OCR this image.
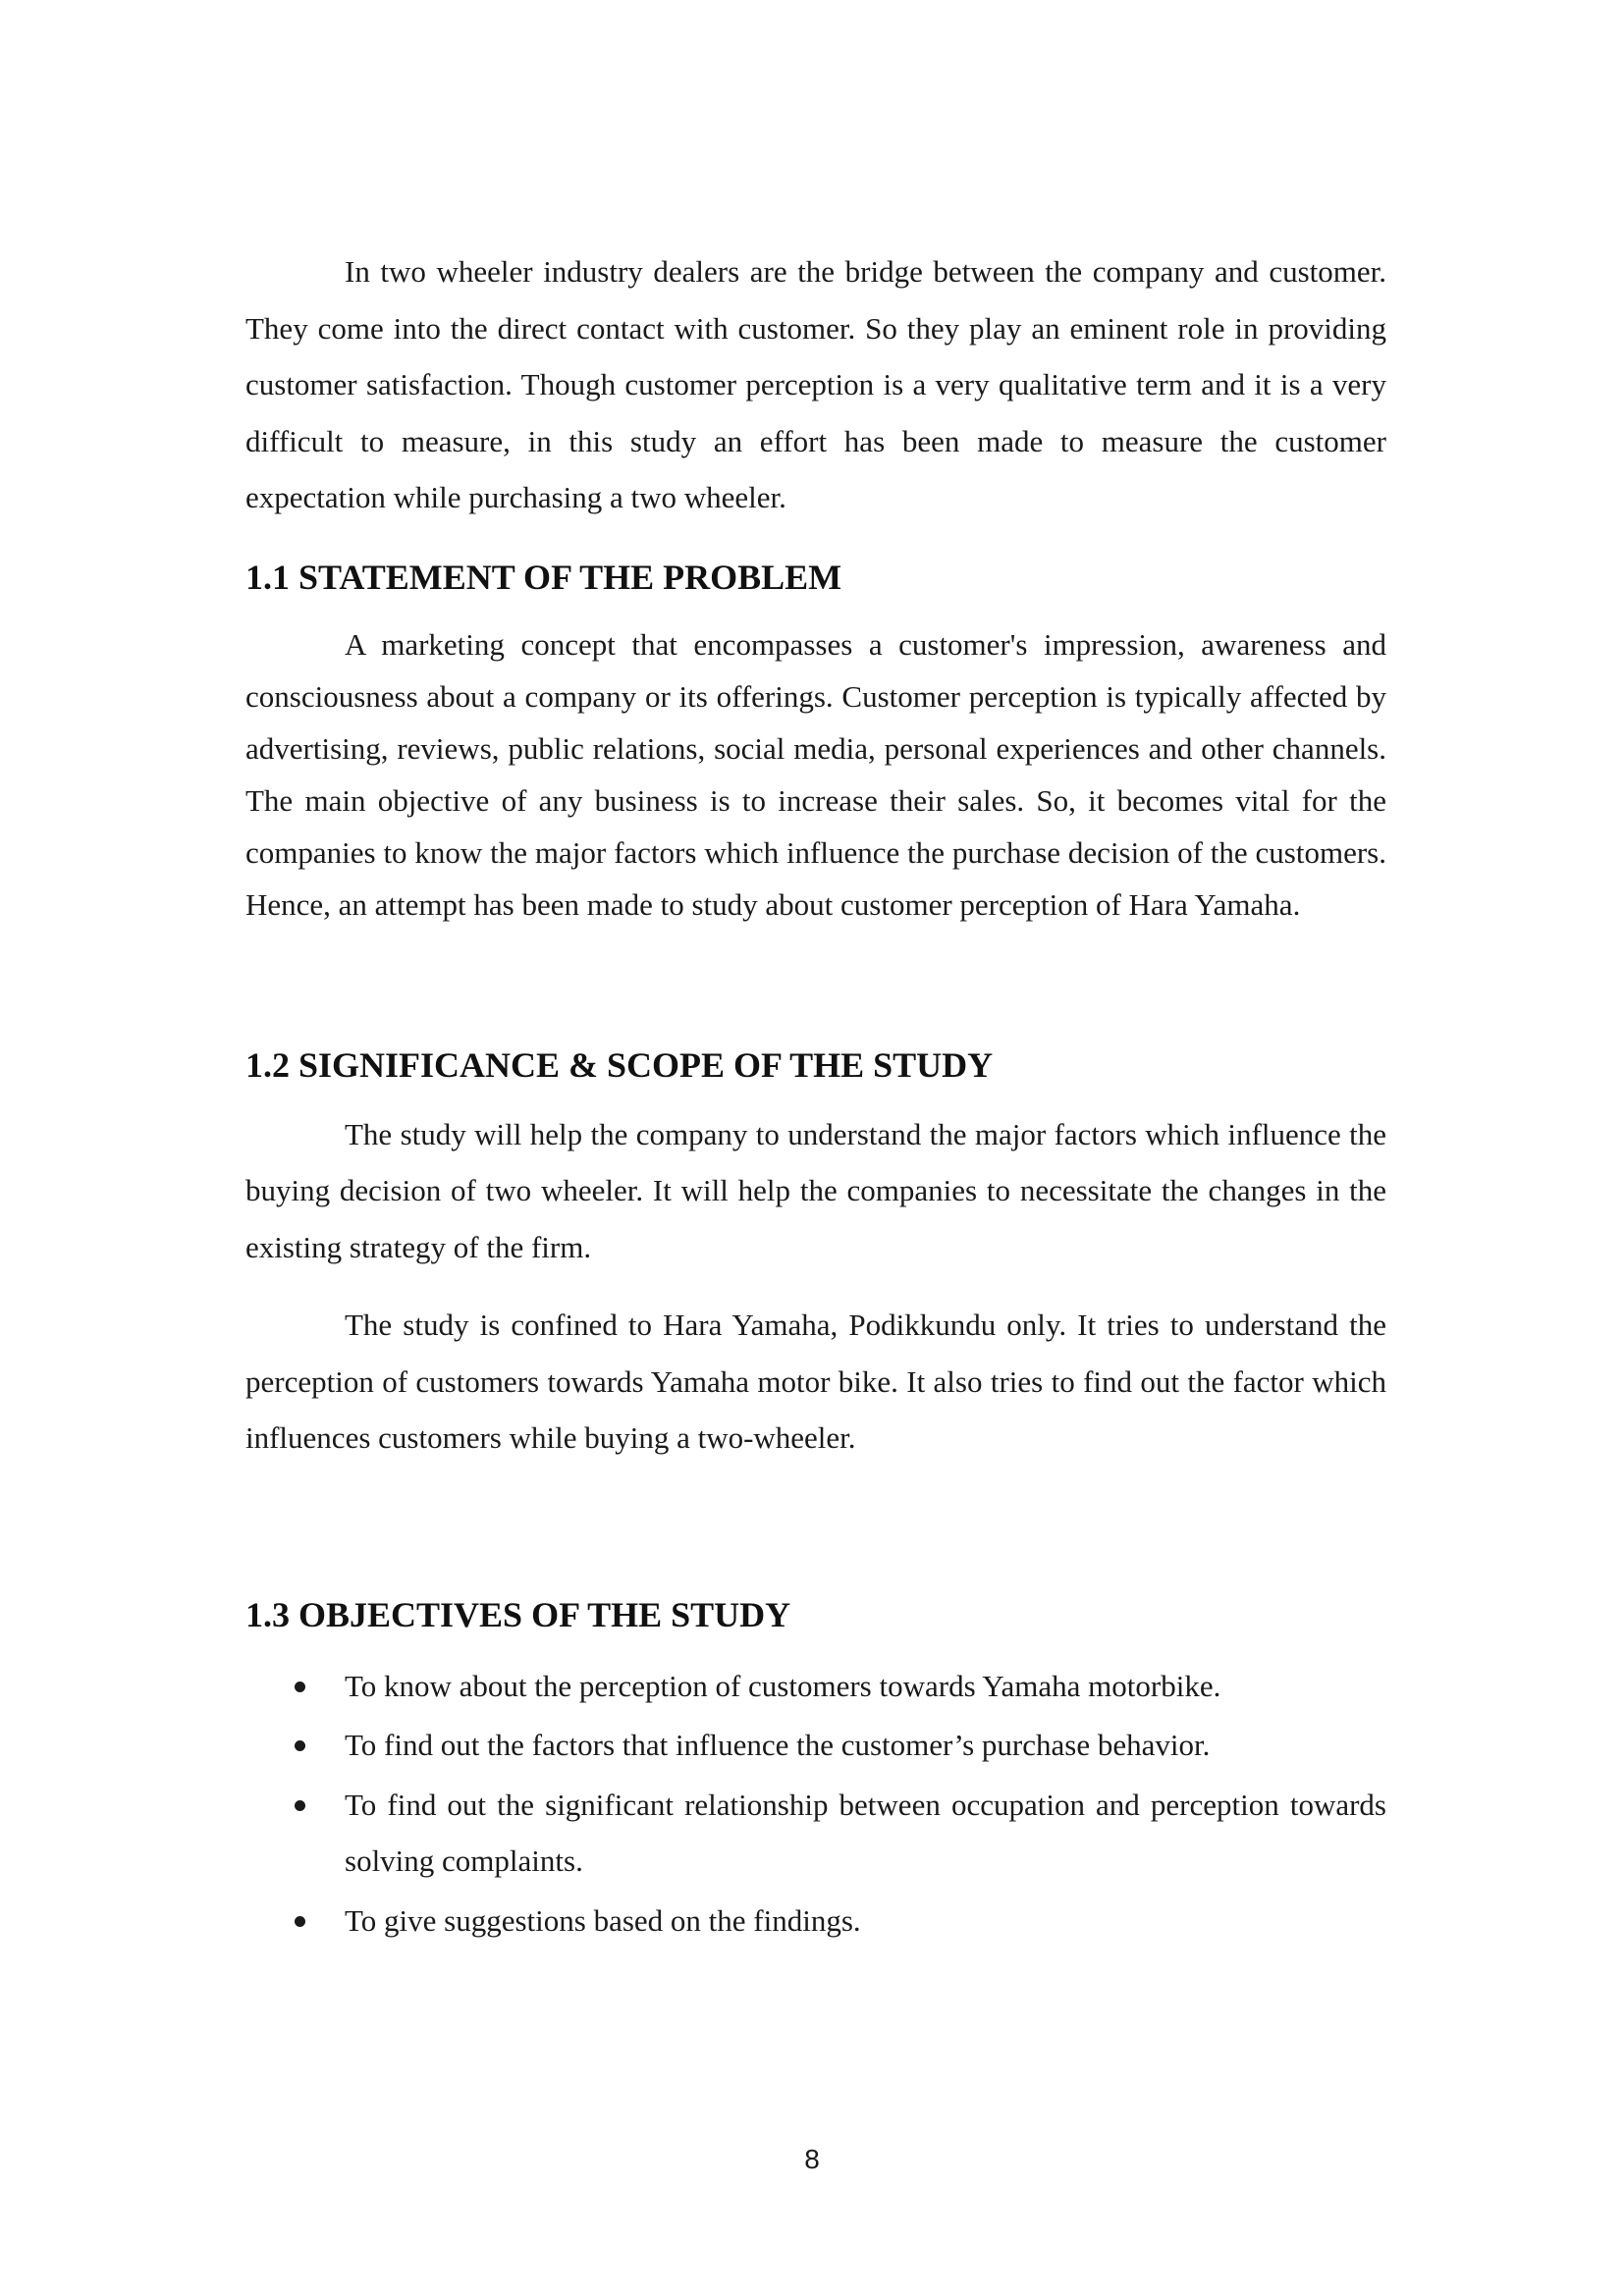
In two wheeler industry dealers are the bridge between the company and customer. They come into the direct contact with customer. So they play an eminent role in providing customer satisfaction. Though customer perception is a very qualitative term and it is a very difficult to measure, in this study an effort has been made to measure the customer expectation while purchasing a two wheeler.

1.1 STATEMENT OF THE PROBLEM

A marketing concept that encompasses a customer's impression, awareness and consciousness about a company or its offerings. Customer perception is typically affected by advertising, reviews, public relations, social media, personal experiences and other channels. The main objective of any business is to increase their sales. So, it becomes vital for the companies to know the major factors which influence the purchase decision of the customers. Hence, an attempt has been made to study about customer perception of Hara Yamaha.

1.2 SIGNIFICANCE & SCOPE OF THE STUDY

The study will help the company to understand the major factors which influence the buying decision of two wheeler. It will help the companies to necessitate the changes in the existing strategy of the firm.

The study is confined to Hara Yamaha, Podikkundu only. It tries to understand the perception of customers towards Yamaha motor bike. It also tries to find out the factor which influences customers while buying a two-wheeler.

1.3 OBJECTIVES OF THE STUDY
To know about the perception of customers towards Yamaha motorbike.
To find out the factors that influence the customer’s purchase behavior.
To find out the significant relationship between occupation and perception towards solving complaints.
To give suggestions based on the findings.
8
